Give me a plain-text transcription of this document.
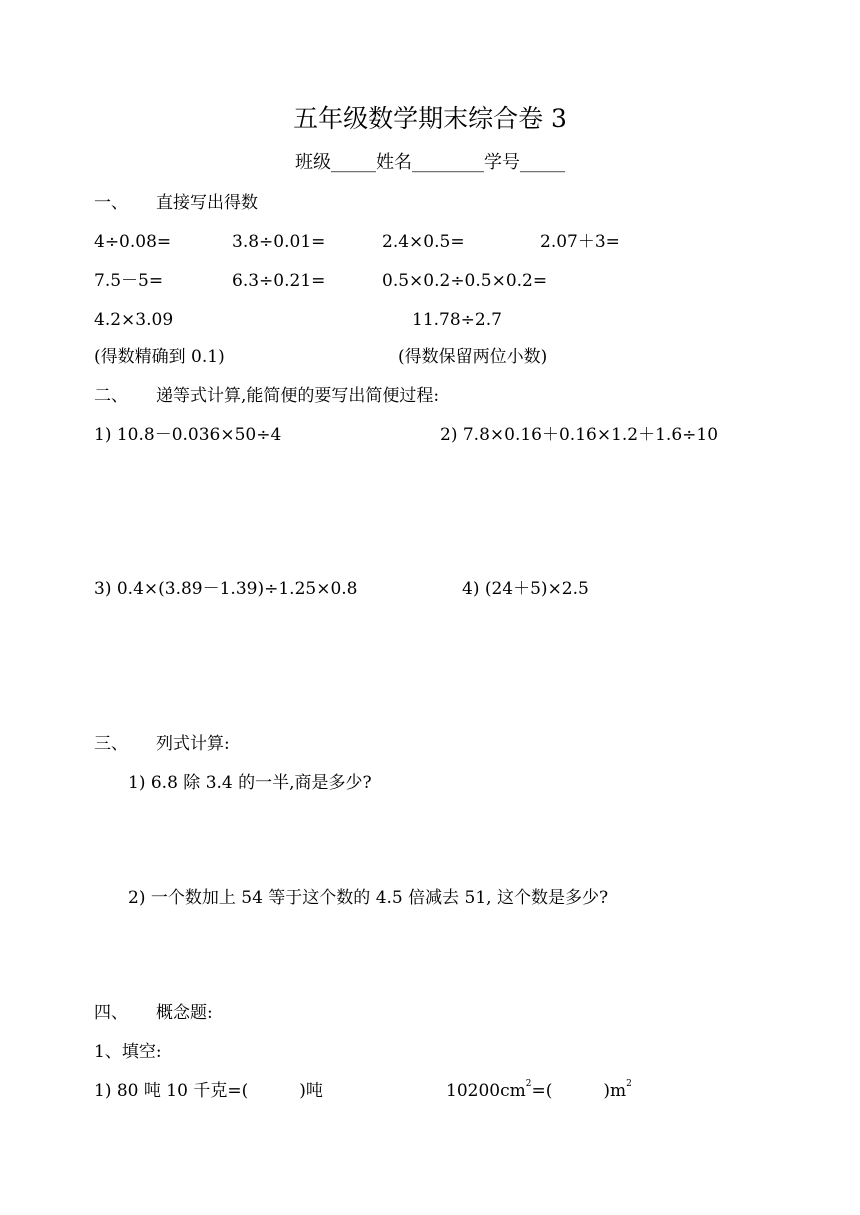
五年级数学期末综合卷 3
班级_____姓名________学号_____
一、 直接写出得数
4÷0.08=	3.8÷0.01=	2.4×0.5=	2.07＋3=
7.5－5=	6.3÷0.21=	0.5×0.2÷0.5×0.2=
4.2×3.09	11.78÷2.7
(得数精确到 0.1)	(得数保留两位小数)
二、 递等式计算,能简便的要写出简便过程:
1) 10.8－0.036×50÷4	2) 7.8×0.16＋0.16×1.2＋1.6÷10
3) 0.4×(3.89－1.39)÷1.25×0.8	4) (24＋5)×2.5
三、 列式计算:
1) 6.8 除 3.4 的一半,商是多少?
2) 一个数加上 54 等于这个数的 4.5 倍减去 51, 这个数是多少?
四、 概念题:
1、填空:
1) 80 吨 10 千克=(　　　)吨	$10200cm^2=$(　　　)$m^2$
